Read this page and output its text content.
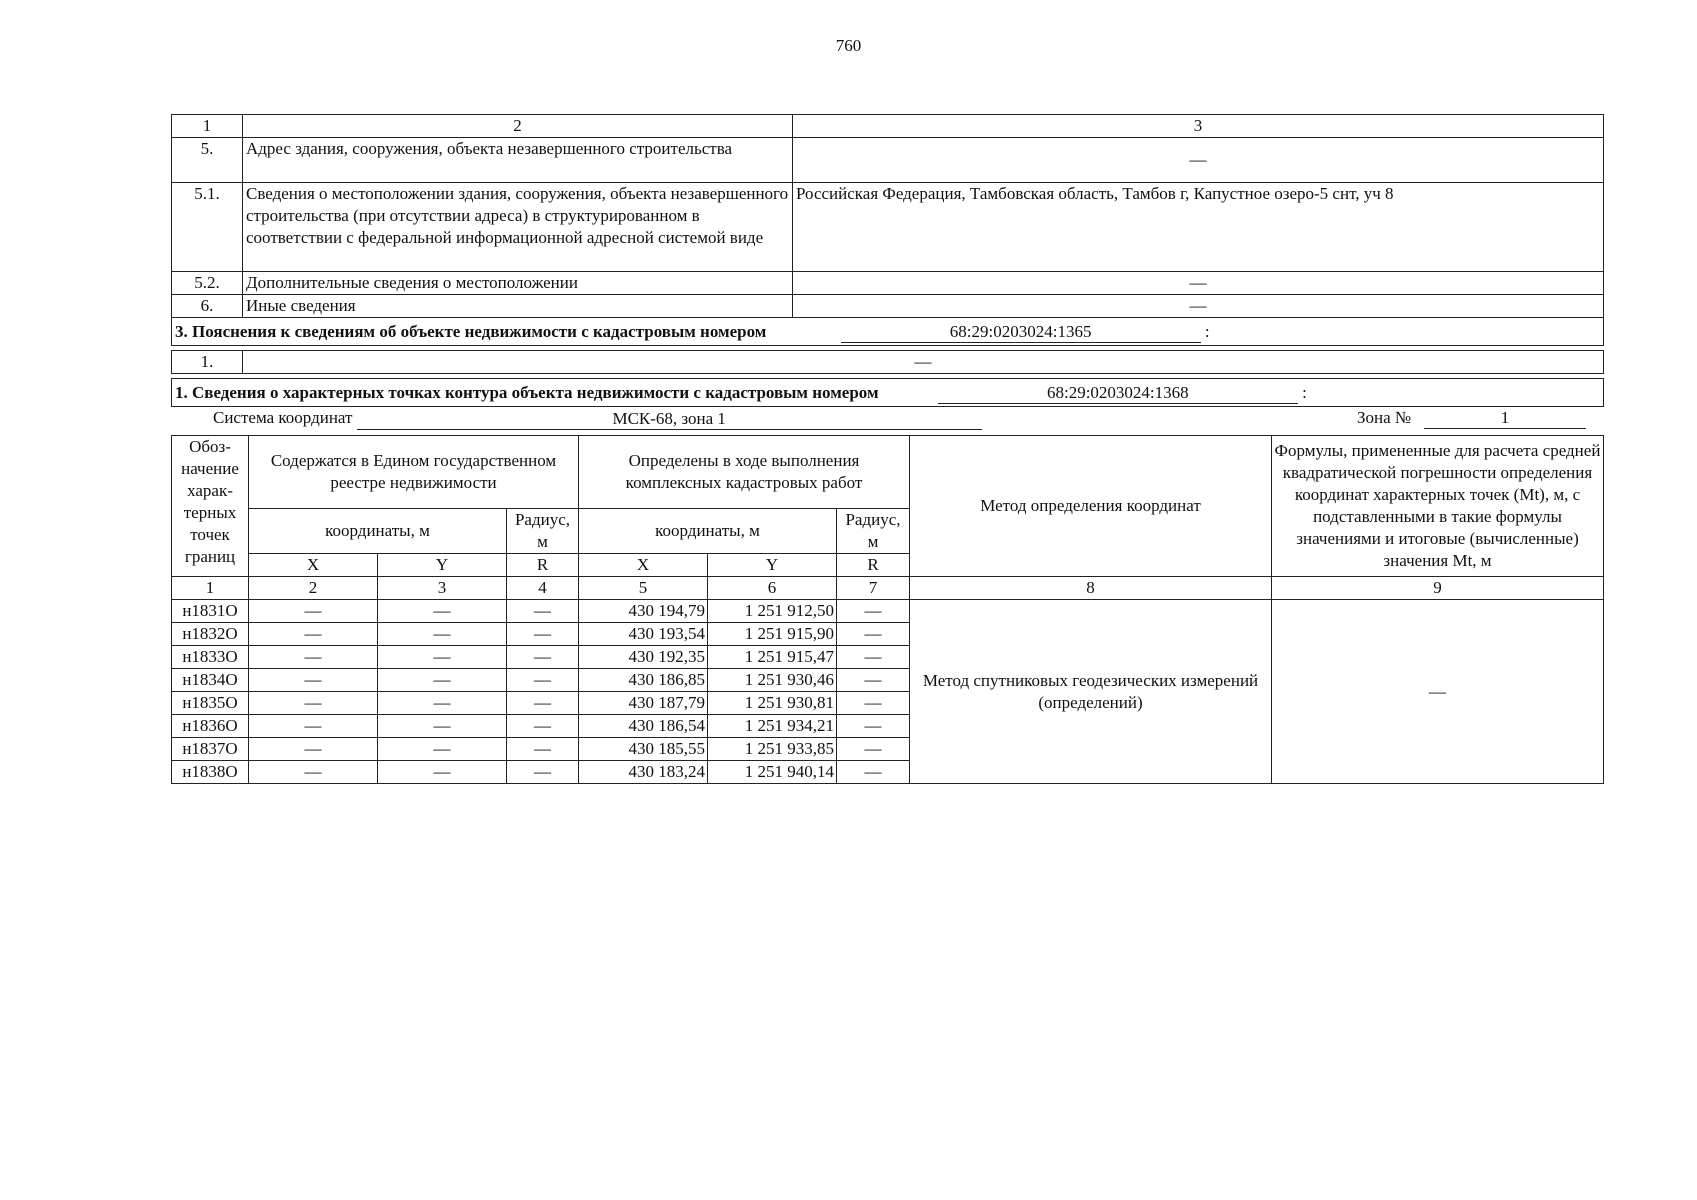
760
1	2	3
5.	Адрес здания, сооружения, объекта незавершенного строительства	—
5.1.	Сведения о местоположении здания, сооружения, объекта незавершенного строительства (при отсутствии адреса) в структурированном в соответствии с федеральной информационной адресной системой виде	Российская Федерация, Тамбовская область, Тамбов г, Капустное озеро-5 снт, уч 8
5.2.	Дополнительные сведения о местоположении	—
6.	Иные сведения	—
3. Пояснения к сведениям об объекте недвижимости с кадастровым номером 68:29:0203024:1365 :		

1.	—	

1. Сведения о характерных точках контура объекта недвижимости с кадастровым номером 68:29:0203024:1368 :		
Система координат	МСК-68, зона 1	Зона №	1
Обоз-начение харак-терных точек границ	Содержатся в Едином государственном реестре недвижимости			Определены в ходе выполнения комплексных кадастровых работ			Метод определения координат	Формулы, примененные для расчета средней квадратической погрешности определения координат характерных точек (Mt), м, с подставленными в такие формулы значениями и итоговые (вычисленные) значения Mt, м
	координаты, м		Радиус, м	координаты, м		Радиус, м		
	X	Y	R	X	Y	R		
1	2	3	4	5	6	7	8	9
н1831О	—	—	—	430 194,79	1 251 912,50	—	Метод спутниковых геодезических измерений (определений)	—
н1832О	—	—	—	430 193,54	1 251 915,90	—		
н1833О	—	—	—	430 192,35	1 251 915,47	—		
н1834О	—	—	—	430 186,85	1 251 930,46	—		
н1835О	—	—	—	430 187,79	1 251 930,81	—		
н1836О	—	—	—	430 186,54	1 251 934,21	—		
н1837О	—	—	—	430 185,55	1 251 933,85	—		
н1838О	—	—	—	430 183,24	1 251 940,14	—		
